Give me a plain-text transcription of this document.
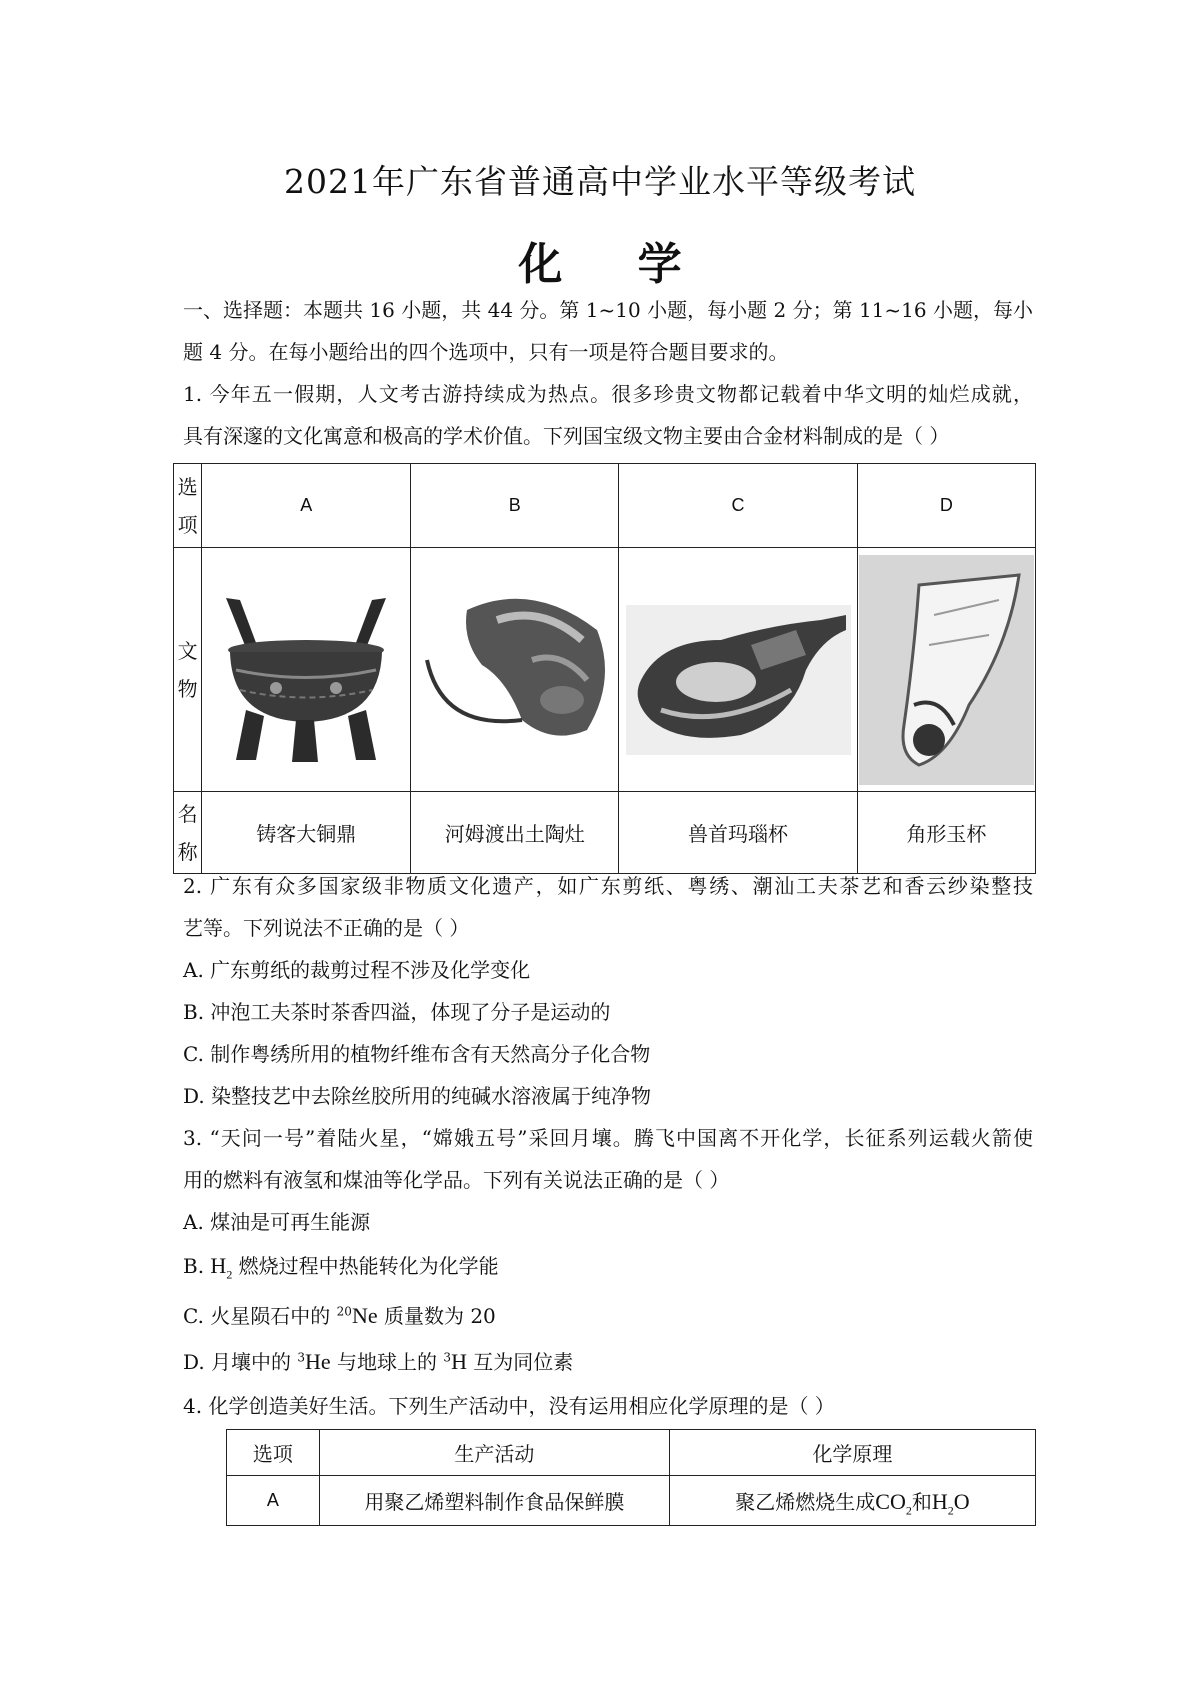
2021年广东省普通高中学业水平等级考试
化 学
一、选择题：本题共 16 小题，共 44 分。第 1~10 小题，每小题 2 分；第 11~16 小题，每小
题 4 分。在每小题给出的四个选项中，只有一项是符合题目要求的。
1. 今年五一假期，人文考古游持续成为热点。很多珍贵文物都记载着中华文明的灿烂成就，
具有深邃的文化寓意和极高的学术价值。下列国宝级文物主要由合金材料制成的是（ ）
选
项	A	B	C	D

文
物

名
称	铸客大铜鼎	河姆渡出土陶灶	兽首玛瑙杯	角形玉杯
2. 广东有众多国家级非物质文化遗产，如广东剪纸、粤绣、潮汕工夫茶艺和香云纱染整技
艺等。下列说法不正确的是（ ）
A. 广东剪纸的裁剪过程不涉及化学变化
B. 冲泡工夫茶时茶香四溢，体现了分子是运动的
C. 制作粤绣所用的植物纤维布含有天然高分子化合物
D. 染整技艺中去除丝胶所用的纯碱水溶液属于纯净物
3. “天问一号”着陆火星，“嫦娥五号”采回月壤。腾飞中国离不开化学，长征系列运载火箭使
用的燃料有液氢和煤油等化学品。下列有关说法正确的是（ ）
A. 煤油是可再生能源
B. $H_2$ 燃烧过程中热能转化为化学能
C. 火星陨石中的 $^{20}$Ne 质量数为 20
D. 月壤中的 $^3$He 与地球上的 $^3$H 互为同位素
4. 化学创造美好生活。下列生产活动中，没有运用相应化学原理的是（ ）
选项	生产活动	化学原理
A	用聚乙烯塑料制作食品保鲜膜	聚乙烯燃烧生成$CO_2$和$H_2O$
